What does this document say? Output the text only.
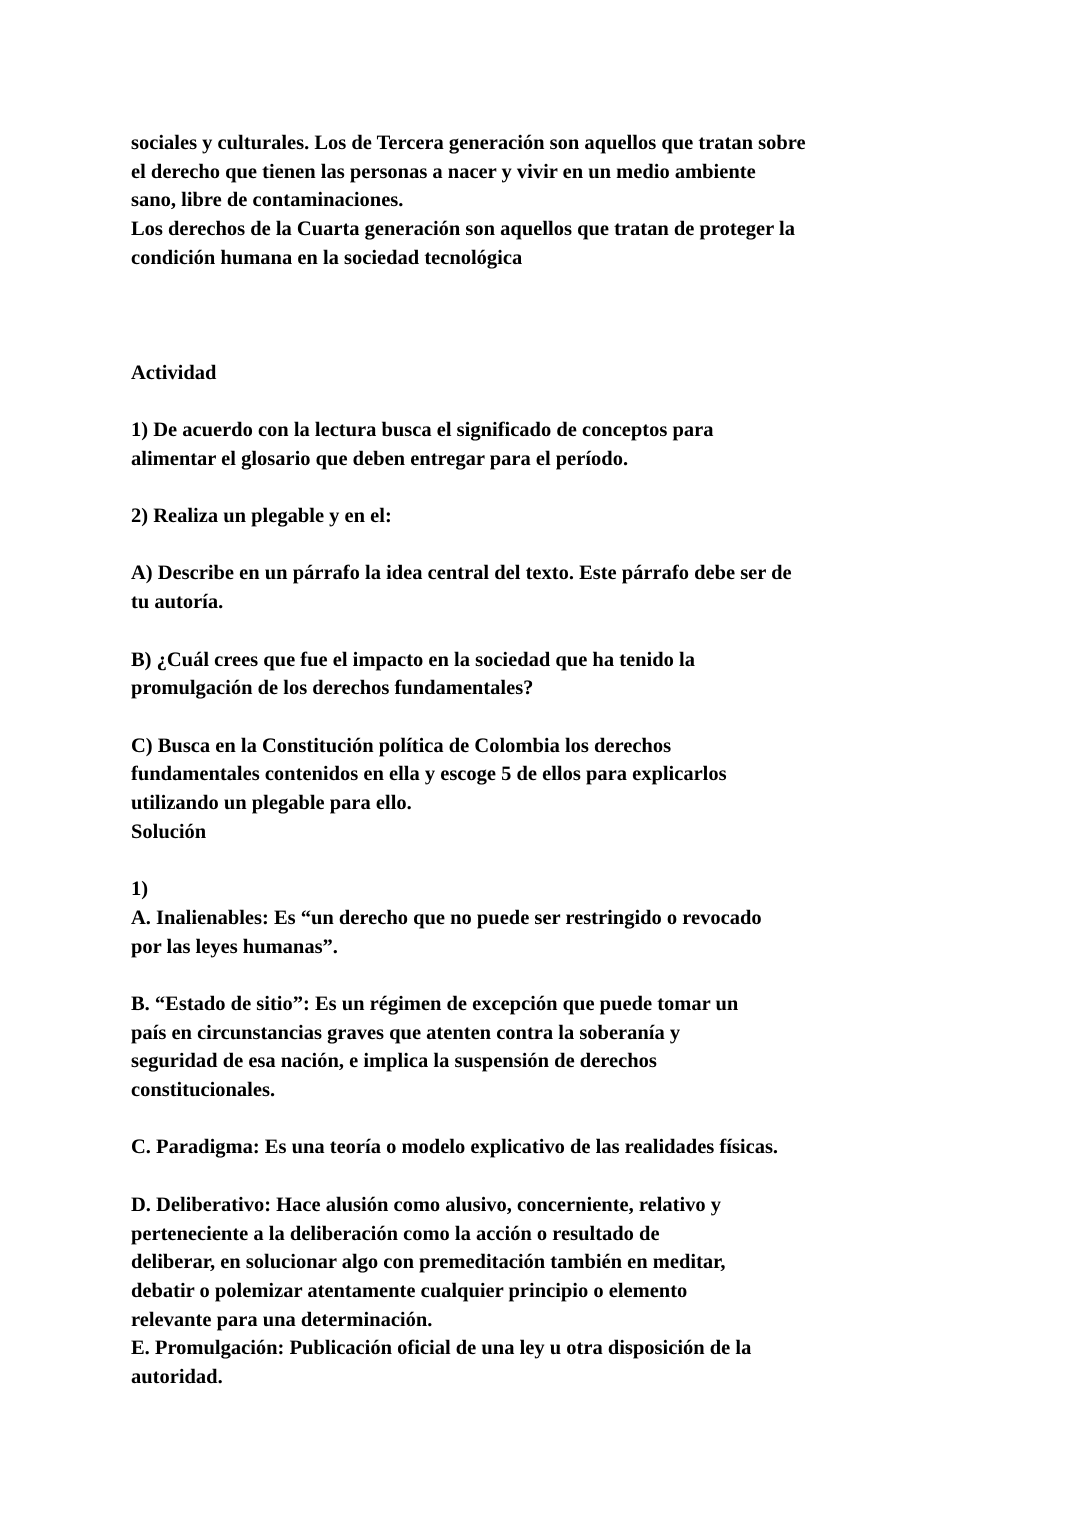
sociales y culturales. Los de Tercera generación son aquellos que tratan sobre
el derecho que tienen las personas a nacer y vivir en un medio ambiente
sano, libre de contaminaciones.
Los derechos de la Cuarta generación son aquellos que tratan de proteger la
condición humana en la sociedad tecnológica
Actividad
1) De acuerdo con la lectura busca el significado de conceptos para
alimentar el glosario que deben entregar para el período.
2) Realiza un plegable y en el:
A) Describe en un párrafo la idea central del texto. Este párrafo debe ser de
tu autoría.
B) ¿Cuál crees que fue el impacto en la sociedad que ha tenido la
promulgación de los derechos fundamentales?
C) Busca en la Constitución política de Colombia los derechos
fundamentales contenidos en ella y escoge 5 de ellos para explicarlos
utilizando un plegable para ello.
Solución
1)
A. Inalienables: Es “un derecho que no puede ser restringido o revocado
por las leyes humanas”.
B. “Estado de sitio”: Es un régimen de excepción que puede tomar un
país en circunstancias graves que atenten contra la soberanía y
seguridad de esa nación, e implica la suspensión de derechos
constitucionales.
C. Paradigma: Es una teoría o modelo explicativo de las realidades físicas.
D. Deliberativo: Hace alusión como alusivo, concerniente, relativo y
perteneciente a la deliberación como la acción o resultado de
deliberar, en solucionar algo con premeditación también en meditar,
debatir o polemizar atentamente cualquier principio o elemento
relevante para una determinación.
E. Promulgación: Publicación oficial de una ley u otra disposición de la
autoridad.
